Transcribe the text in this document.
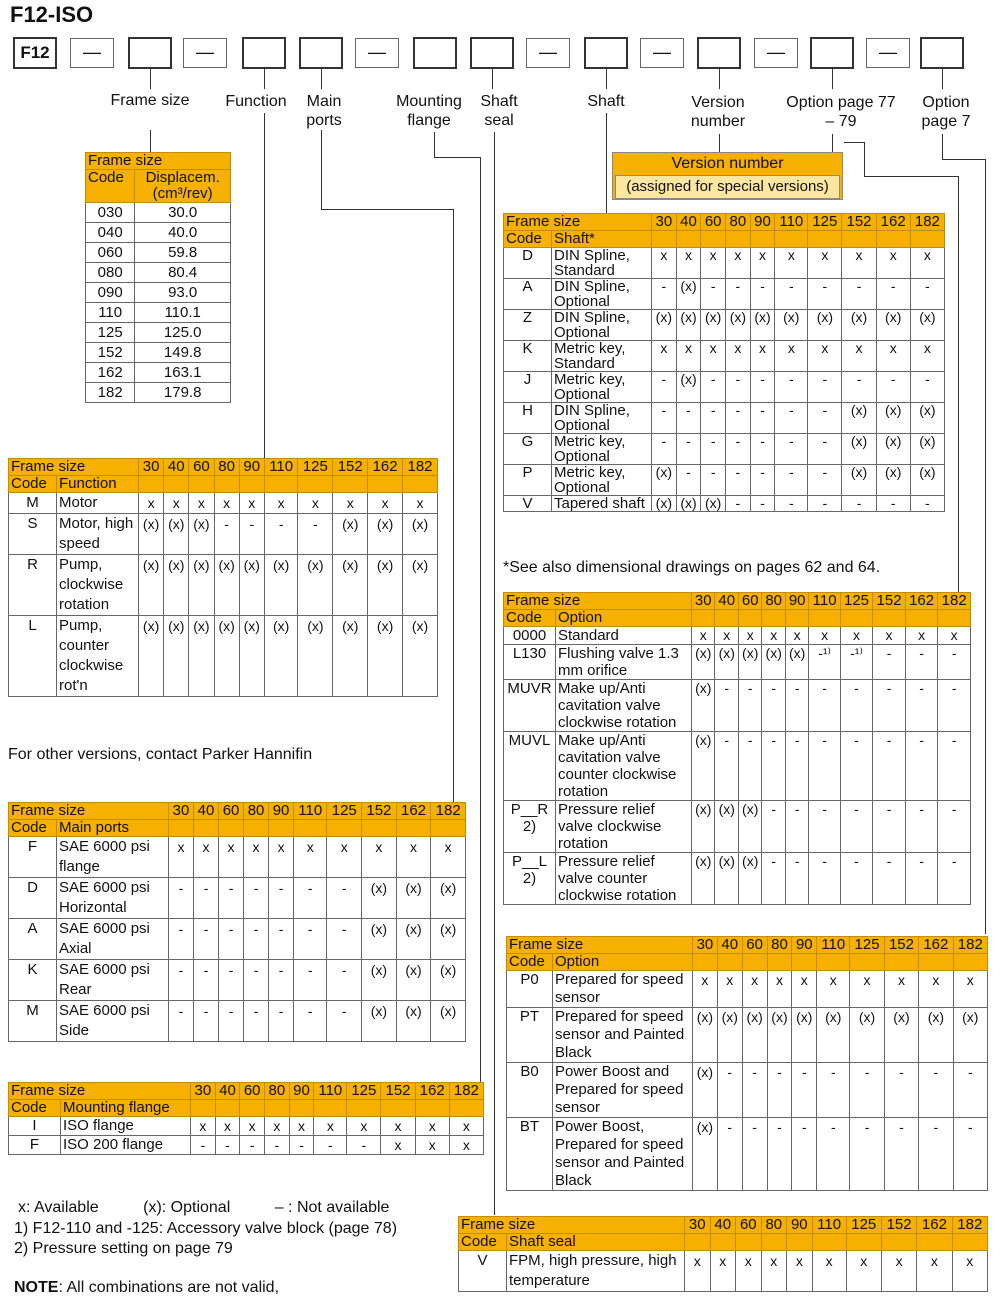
F12-ISO
F12	—	—	—	—	—	—	—
Frame size	Function	Main ports
Mounting flange
Shaft seal
Shaft	Version number
Option page 77 – 79
Option page 7
Version number
(assigned for special versions)
Frame size	
Code	Displacem.
(cm³/rev)
030	30.0
040	40.0
060	59.8
080	80.4
090	93.0
110	110.1
125	125.0
152	149.8
162	163.1
182	179.8
Frame size		30	40	60	80	90	110	125	152	162	182
Code	Function										
M	Motor	x	x	x	x	x	x	x	x	x	x
S	Motor, high speed	(x)	(x)	(x)	-	-	-	-	(x)	(x)	(x)
R	Pump, clockwise rotation	(x)	(x)	(x)	(x)	(x)	(x)	(x)	(x)	(x)	(x)
L	Pump, counter clockwise rot'n	(x)	(x)	(x)	(x)	(x)	(x)	(x)	(x)	(x)	(x)
For other versions, contact Parker Hannifin
Frame size		30	40	60	80	90	110	125	152	162	182
Code	Main ports										
F	SAE 6000 psi flange	x	x	x	x	x	x	x	x	x	x
D	SAE 6000 psi Horizontal	-	-	-	-	-	-	-	(x)	(x)	(x)
A	SAE 6000 psi Axial	-	-	-	-	-	-	-	(x)	(x)	(x)
K	SAE 6000 psi Rear	-	-	-	-	-	-	-	(x)	(x)	(x)
M	SAE 6000 psi Side	-	-	-	-	-	-	-	(x)	(x)	(x)
Frame size		30	40	60	80	90	110	125	152	162	182
Code	Mounting flange										
I	ISO flange	x	x	x	x	x	x	x	x	x	x
F	ISO 200 flange	-	-	-	-	-	-	-	x	x	x
Frame size		30	40	60	80	90	110	125	152	162	182
Code	Shaft*										
D	DIN Spline, Standard	x	x	x	x	x	x	x	x	x	x
A	DIN Spline, Optional	-	(x)	-	-	-	-	-	-	-	-
Z	DIN Spline, Optional	(x)	(x)	(x)	(x)	(x)	(x)	(x)	(x)	(x)	(x)
K	Metric key, Standard	x	x	x	x	x	x	x	x	x	x
J	Metric key, Optional	-	(x)	-	-	-	-	-	-	-	-
H	DIN Spline, Optional	-	-	-	-	-	-	-	(x)	(x)	(x)
G	Metric key, Optional	-	-	-	-	-	-	-	(x)	(x)	(x)
P	Metric key, Optional	(x)	-	-	-	-	-	-	(x)	(x)	(x)
V	Tapered shaft	(x)	(x)	(x)	-	-	-	-	-	-	-
*See also dimensional drawings on pages 62 and 64.
Frame size		30	40	60	80	90	110	125	152	162	182
Code	Option										
0000	Standard	x	x	x	x	x	x	x	x	x	x
L130	Flushing valve 1.3 mm orifice	(x)	(x)	(x)	(x)	(x)	-¹⁾	-¹⁾	-	-	-
MUVR	Make up/Anti cavitation valve clockwise rotation	(x)	-	-	-	-	-	-	-	-	-
MUVL	Make up/Anti cavitation valve counter clockwise rotation	(x)	-	-	-	-	-	-	-	-	-
P__R 2)	Pressure relief valve clockwise rotation	(x)	(x)	(x)	-	-	-	-	-	-	-
P__L 2)	Pressure relief valve counter clockwise rotation	(x)	(x)	(x)	-	-	-	-	-	-	-
Frame size		30	40	60	80	90	110	125	152	162	182
Code	Option										
P0	Prepared for speed sensor	x	x	x	x	x	x	x	x	x	x
PT	Prepared for speed sensor and Painted Black	(x)	(x)	(x)	(x)	(x)	(x)	(x)	(x)	(x)	(x)
B0	Power Boost and Prepared for speed sensor	(x)	-	-	-	-	-	-	-	-	-
BT	Power Boost, Prepared for speed sensor and Painted Black	(x)	-	-	-	-	-	-	-	-	-
Frame size		30	40	60	80	90	110	125	152	162	182
Code	Shaft seal										
V	FPM, high pressure, high temperature	x	x	x	x	x	x	x	x	x	x
x: Available	(x): Optional	– : Not available
1) F12-110 and -125: Accessory valve block (page 78)
2) Pressure setting on page 79
NOTE: All combinations are not valid,
